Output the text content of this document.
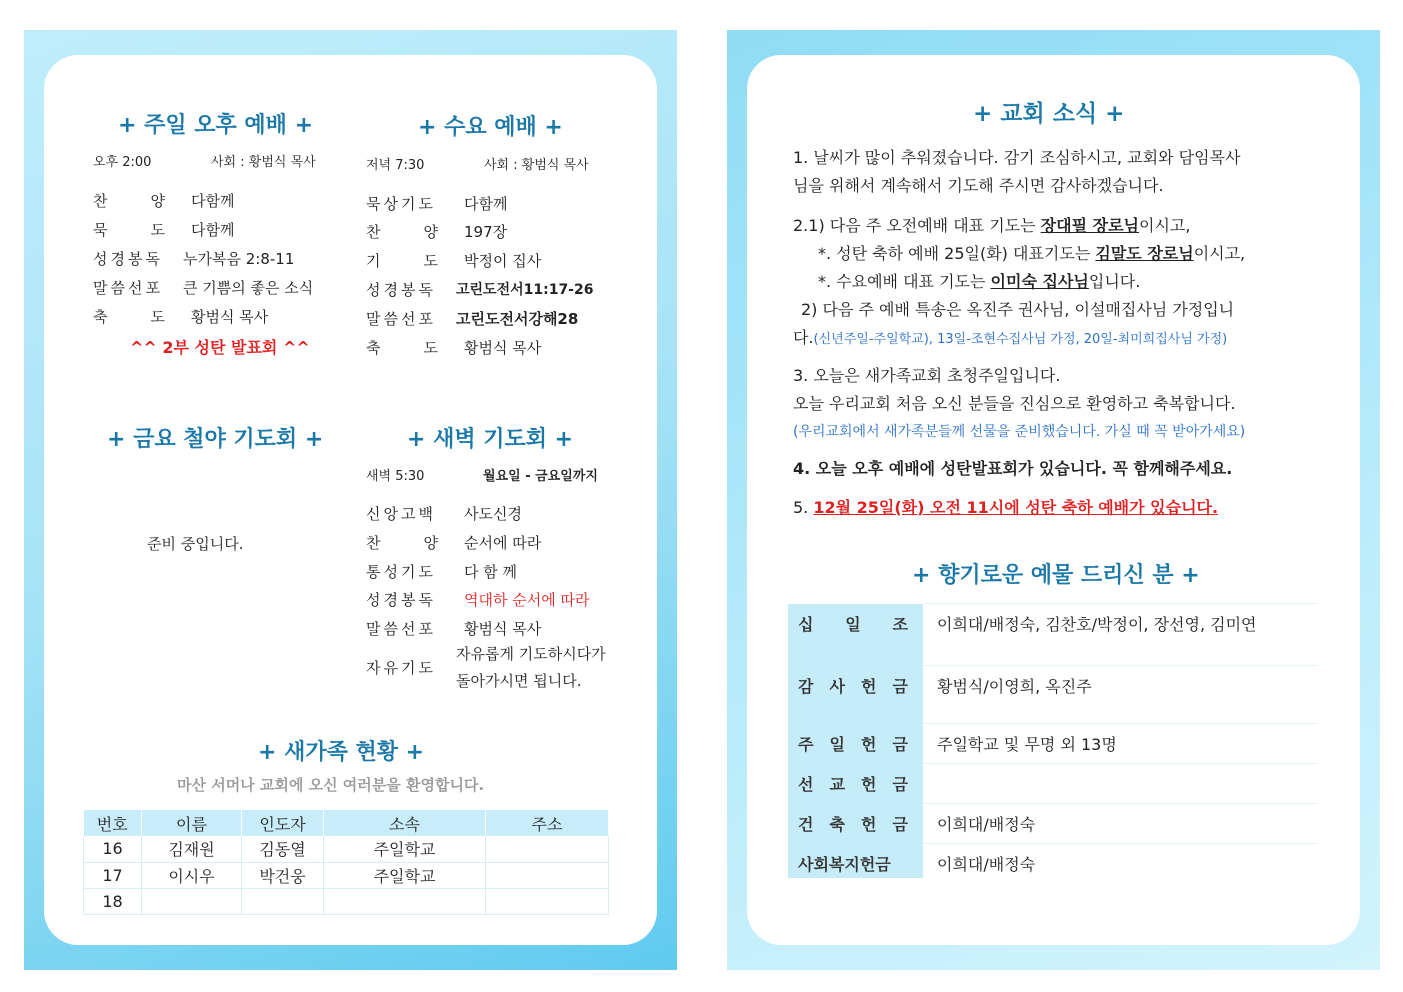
+ 주일 오후 예배 +
오후 2:00	사회 : 황범식 목사
찬	양 다함께
묵	도 다함께
성경봉독 누가복음 2:8-11
말씀선포 큰 기쁨의 좋은 소식
축	도 황범식 목사
^^ 2부 성탄 발표회 ^^
+ 수요 예배 +
저녁 7:30	사회 : 황범식 목사
묵상기도 다함께
찬	양 197장
기	도 박정이 집사
성경봉독 고린도전서11:17-26
말씀선포 고린도전서강해28
축	도 황범식 목사
+ 금요 철야 기도회 +
준비 중입니다.
+ 새벽 기도회 +
새벽 5:30	월요일 - 금요일까지
신앙고백 사도신경
찬	양 순서에 따라
통성기도 다 함 께
성경봉독 역대하 순서에 따라
말씀선포 황범식 목사
자유기도
자유롭게 기도하시다가
돌아가시면 됩니다.
+ 새가족 현황 +
마산 서머나 교회에 오신 여러분을 환영합니다.
번호	이름	인도자	소속	주소
16	김재원	김동열	주일학교	
17	이시우	박건웅	주일학교	
18				
+ 교회 소식 +
1. 날씨가 많이 추워졌습니다. 감기 조심하시고, 교회와 담임목사
님을 위해서 계속해서 기도해 주시면 감사하겠습니다.
2.1) 다음 주 오전예배 대표 기도는 장대필 장로님이시고,
*. 성탄 축하 예배 25일(화) 대표기도는 김말도 장로님이시고,
*. 수요예배 대표 기도는 이미숙 집사님입니다.
2) 다음 주 예배 특송은 옥진주 권사님, 이설매집사님 가정입니
다.(신년주일-주일학교), 13일-조현수집사님 가정, 20일-최미희집사님 가정)
3. 오늘은 새가족교회 초청주일입니다.
오늘 우리교회 처음 오신 분들을 진심으로 환영하고 축복합니다.
(우리교회에서 새가족분들께 선물을 준비했습니다. 가실 때 꼭 받아가세요)
4. 오늘 오후 예배에 성탄발표회가 있습니다. 꼭 함께해주세요.
5. 12월 25일(화) 오전 11시에 성탄 축하 예배가 있습니다.
+ 향기로운 예물 드리신 분 +
십 일 조	이희대/배정숙, 김찬호/박정이, 장선영, 김미연

감 사 헌 금	황범식/이영희, 옥진주

주 일 헌 금	주일학교 및 무명 외 13명

선 교 헌 금	

건 축 헌 금	이희대/배정숙
사회복지헌금	이희대/배정숙
